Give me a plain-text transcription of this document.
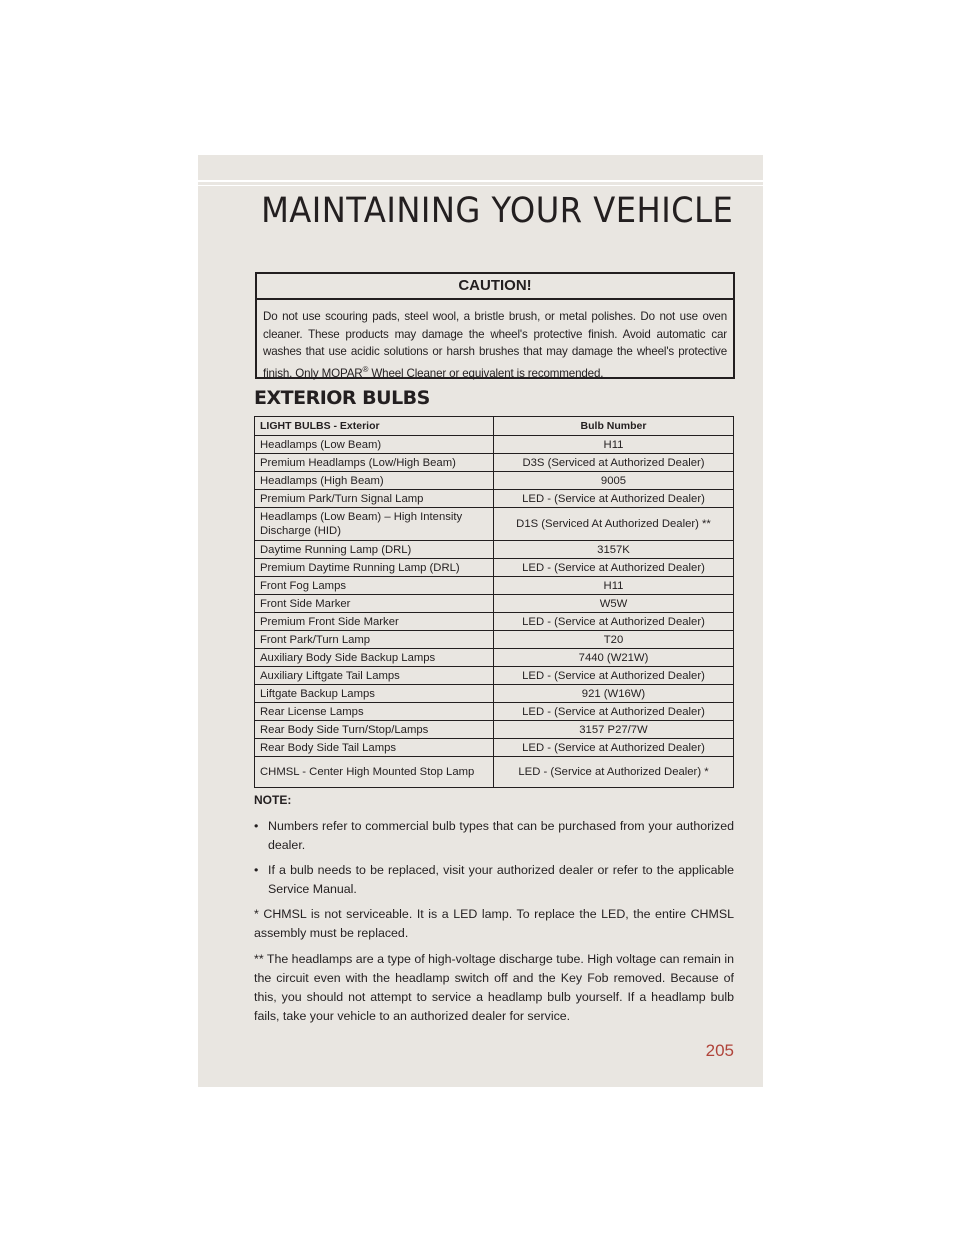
MAINTAINING YOUR VEHICLE
CAUTION!
Do not use scouring pads, steel wool, a bristle brush, or metal polishes. Do not use oven cleaner. These products may damage the wheel's protective finish. Avoid automatic car washes that use acidic solutions or harsh brushes that may damage the wheel's protective finish. Only MOPAR® Wheel Cleaner or equivalent is recommended.
EXTERIOR BULBS
LIGHT BULBS - Exterior	Bulb Number
Headlamps (Low Beam)	H11
Premium Headlamps (Low/High Beam)	D3S (Serviced at Authorized Dealer)
Headlamps (High Beam)	9005
Premium Park/Turn Signal Lamp	LED - (Service at Authorized Dealer)
Headlamps (Low Beam) – High Intensity Discharge (HID)	D1S (Serviced At Authorized Dealer) **
Daytime Running Lamp (DRL)	3157K
Premium Daytime Running Lamp (DRL)	LED - (Service at Authorized Dealer)
Front Fog Lamps	H11
Front Side Marker	W5W
Premium Front Side Marker	LED - (Service at Authorized Dealer)
Front Park/Turn Lamp	T20
Auxiliary Body Side Backup Lamps	7440 (W21W)
Auxiliary Liftgate Tail Lamps	LED - (Service at Authorized Dealer)
Liftgate Backup Lamps	921 (W16W)
Rear License Lamps	LED - (Service at Authorized Dealer)
Rear Body Side Turn/Stop/Lamps	3157 P27/7W
Rear Body Side Tail Lamps	LED - (Service at Authorized Dealer)
CHMSL - Center High Mounted Stop Lamp	LED - (Service at Authorized Dealer) *
NOTE:
• Numbers refer to commercial bulb types that can be purchased from your authorized dealer.
• If a bulb needs to be replaced, visit your authorized dealer or refer to the applicable Service Manual.
* CHMSL is not serviceable. It is a LED lamp. To replace the LED, the entire CHMSL assembly must be replaced.
** The headlamps are a type of high-voltage discharge tube. High voltage can remain in the circuit even with the headlamp switch off and the Key Fob removed. Because of this, you should not attempt to service a headlamp bulb yourself. If a headlamp bulb fails, take your vehicle to an authorized dealer for service.
205
